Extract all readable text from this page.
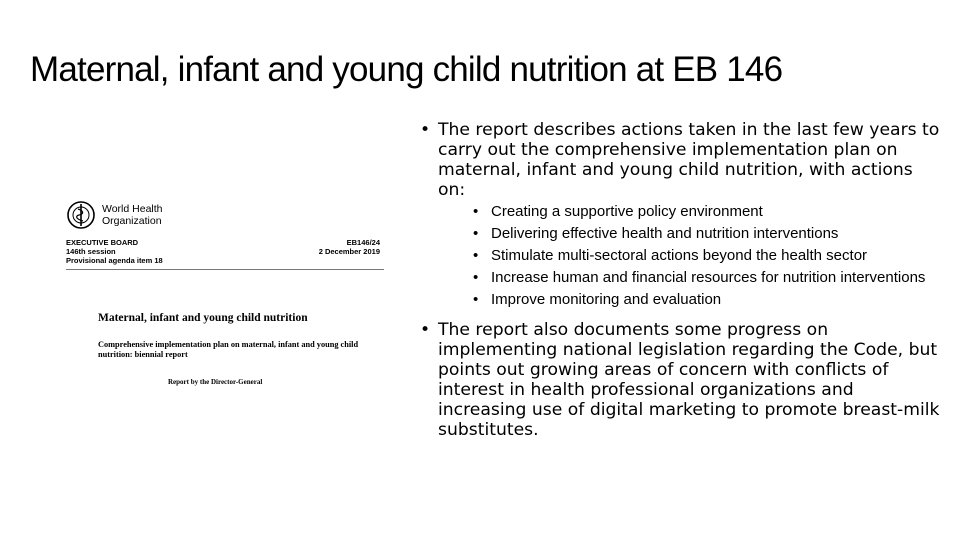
Maternal, infant and young child nutrition at EB 146
World Health Organization
EXECUTIVE BOARD
146th session
Provisional agenda item 18
EB146/24
2 December 2019
Maternal, infant and young child nutrition
Comprehensive implementation plan on maternal, infant and young child nutrition: biennial report
Report by the Director-General
• The report describes actions taken in the last few years to carry out the comprehensive implementation plan on maternal, infant and young child nutrition, with actions on:
• Creating a supportive policy environment
• Delivering effective health and nutrition interventions
• Stimulate multi-sectoral actions beyond the health sector
• Increase human and financial resources for nutrition interventions
• Improve monitoring and evaluation
• The report also documents some progress on implementing national legislation regarding the Code, but points out growing areas of concern with conflicts of interest in health professional organizations and increasing use of digital marketing to promote breast-milk substitutes.
